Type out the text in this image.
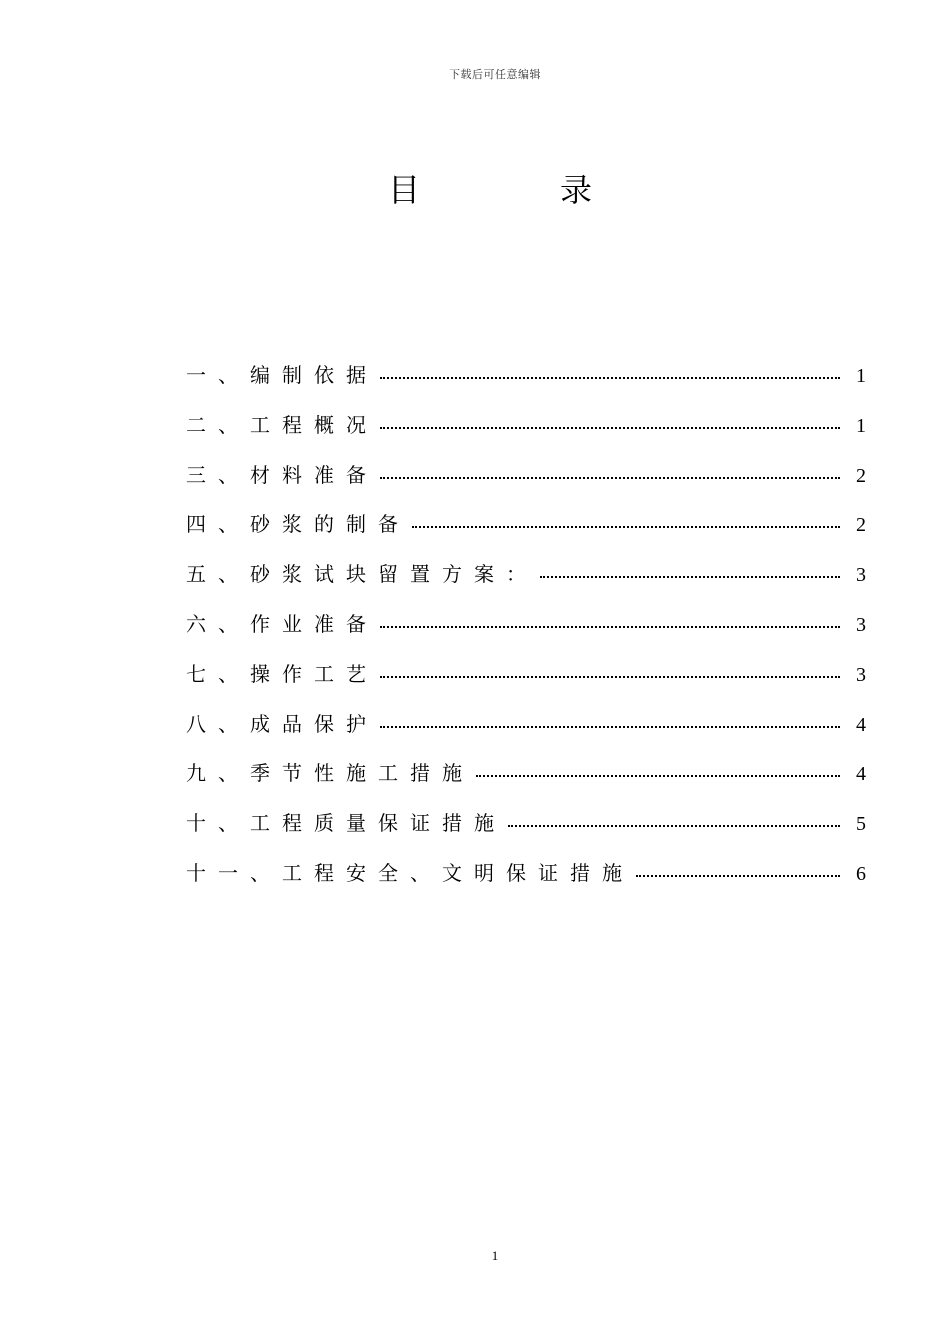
下载后可任意编辑
目	录
一、编制依据	1
二、工程概况	1
三、材料准备	2
四、砂浆的制备	2
五、砂浆试块留置方案：	3
六、作业准备	3
七、操作工艺	3
八、成品保护	4
九、季节性施工措施	4
十、工程质量保证措施	5
十一、工程安全、文明保证措施	6
1
